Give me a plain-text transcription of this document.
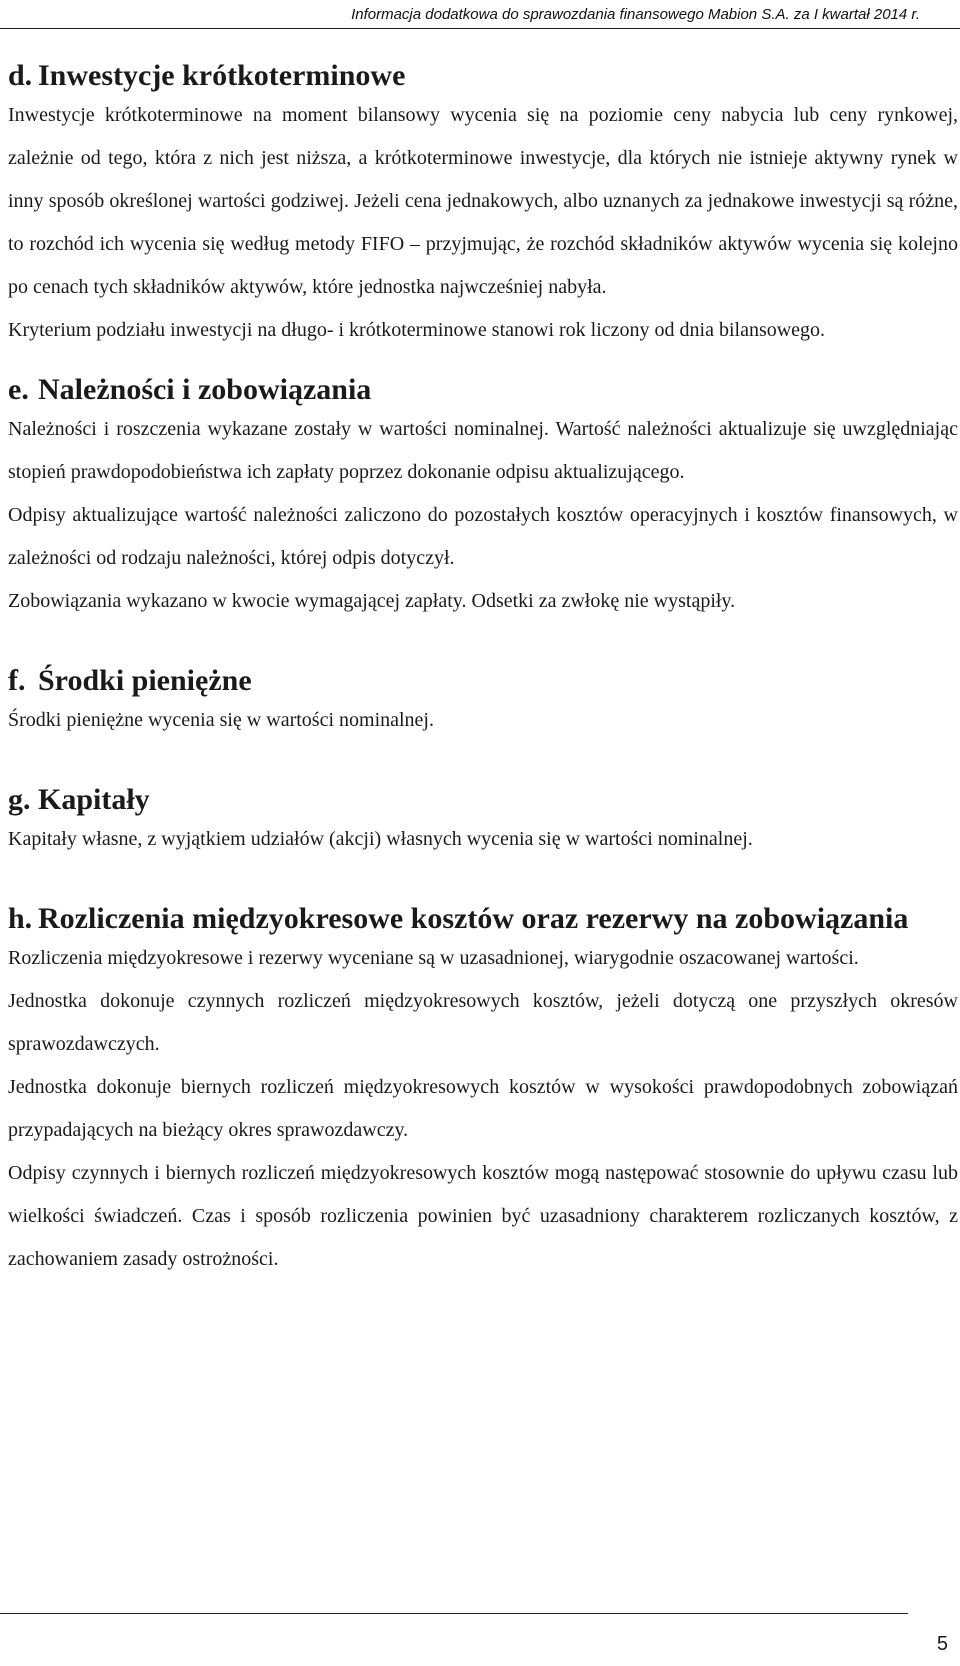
Informacja dodatkowa do sprawozdania finansowego Mabion S.A. za I kwartał 2014 r.
d. Inwestycje krótkoterminowe

Inwestycje krótkoterminowe na moment bilansowy wycenia się na poziomie ceny nabycia lub ceny rynkowej, zależnie od tego, która z nich jest niższa, a krótkoterminowe inwestycje, dla których nie istnieje aktywny rynek w inny sposób określonej wartości godziwej. Jeżeli cena jednakowych, albo uznanych za jednakowe inwestycji są różne, to rozchód ich wycenia się według metody FIFO – przyjmując, że rozchód składników aktywów wycenia się kolejno po cenach tych składników aktywów, które jednostka najwcześniej nabyła.

Kryterium podziału inwestycji na długo- i krótkoterminowe stanowi rok liczony od dnia bilansowego.

e. Należności i zobowiązania

Należności i roszczenia wykazane zostały w wartości nominalnej. Wartość należności aktualizuje się uwzględniając stopień prawdopodobieństwa ich zapłaty poprzez dokonanie odpisu aktualizującego.

Odpisy aktualizujące wartość należności zaliczono do pozostałych kosztów operacyjnych i kosztów finansowych, w zależności od rodzaju należności, której odpis dotyczył.

Zobowiązania wykazano w kwocie wymagającej zapłaty. Odsetki za zwłokę nie wystąpiły.

f. Środki pieniężne

Środki pieniężne wycenia się w wartości nominalnej.

g. Kapitały

Kapitały własne, z wyjątkiem udziałów (akcji) własnych wycenia się w wartości nominalnej.

h. Rozliczenia międzyokresowe kosztów oraz rezerwy na zobowiązania

Rozliczenia międzyokresowe i rezerwy wyceniane są w uzasadnionej, wiarygodnie oszacowanej wartości.

Jednostka dokonuje czynnych rozliczeń międzyokresowych kosztów, jeżeli dotyczą one przyszłych okresów sprawozdawczych.

Jednostka dokonuje biernych rozliczeń międzyokresowych kosztów w wysokości prawdopodobnych zobowiązań przypadających na bieżący okres sprawozdawczy.

Odpisy czynnych i biernych rozliczeń międzyokresowych kosztów mogą następować stosownie do upływu czasu lub wielkości świadczeń. Czas i sposób rozliczenia powinien być uzasadniony charakterem rozliczanych kosztów, z zachowaniem zasady ostrożności.

5
